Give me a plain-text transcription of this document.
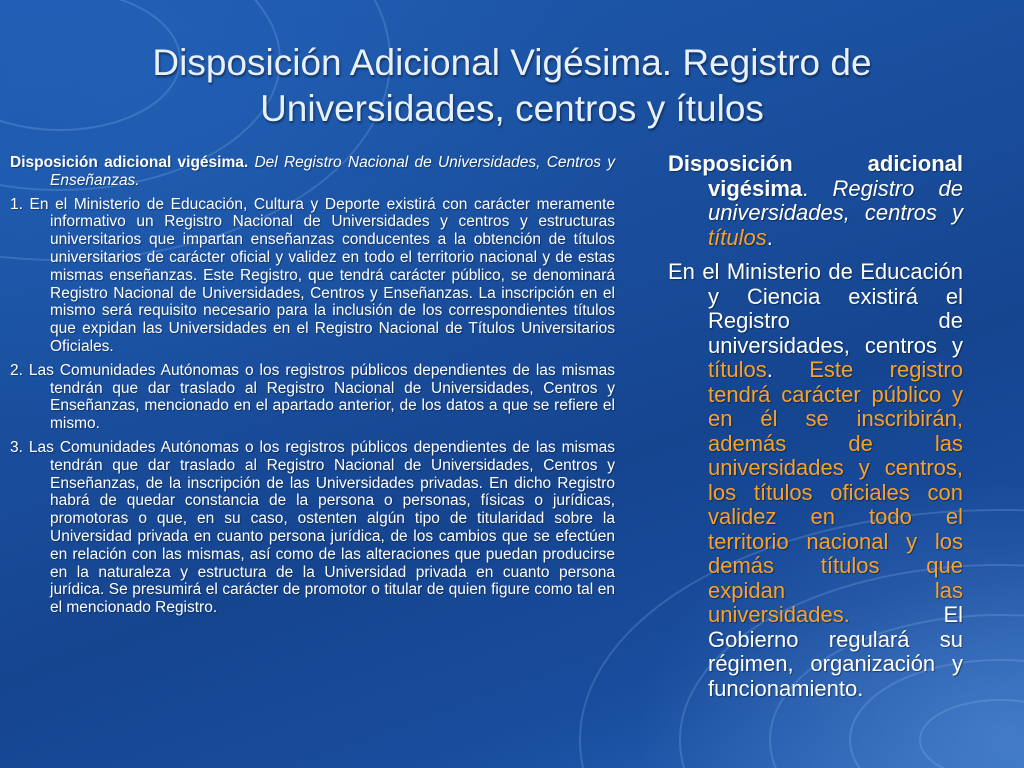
Disposición Adicional Vigésima. Registro de Universidades, centros y ítulos

Disposición adicional vigésima. Del Registro Nacional de Universidades, Centros y Enseñanzas.

1. En el Ministerio de Educación, Cultura y Deporte existirá con carácter meramente informativo un Registro Nacional de Universidades y centros y estructuras universitarios que impartan enseñanzas conducentes a la obtención de títulos universitarios de carácter oficial y validez en todo el territorio nacional y de estas mismas enseñanzas. Este Registro, que tendrá carácter público, se denominará Registro Nacional de Universidades, Centros y Enseñanzas. La inscripción en el mismo será requisito necesario para la inclusión de los correspondientes títulos que expidan las Universidades en el Registro Nacional de Títulos Universitarios Oficiales.

2. Las Comunidades Autónomas o los registros públicos dependientes de las mismas tendrán que dar traslado al Registro Nacional de Universidades, Centros y Enseñanzas, mencionado en el apartado anterior, de los datos a que se refiere el mismo.

3. Las Comunidades Autónomas o los registros públicos dependientes de las mismas tendrán que dar traslado al Registro Nacional de Universidades, Centros y Enseñanzas, de la inscripción de las Universidades privadas. En dicho Registro habrá de quedar constancia de la persona o personas, físicas o jurídicas, promotoras o que, en su caso, ostenten algún tipo de titularidad sobre la Universidad privada en cuanto persona jurídica, de los cambios que se efectúen en relación con las mismas, así como de las alteraciones que puedan producirse en la naturaleza y estructura de la Universidad privada en cuanto persona jurídica. Se presumirá el carácter de promotor o titular de quien figure como tal en el mencionado Registro.

Disposición adicional vigésima. Registro de universidades, centros y títulos.

En el Ministerio de Educación y Ciencia existirá el Registro de universidades, centros y títulos. Este registro tendrá carácter público y en él se inscribirán, además de las universidades y centros, los títulos oficiales con validez en todo el territorio nacional y los demás títulos que expidan las universidades.	El Gobierno regulará su régimen, organización y funcionamiento.
